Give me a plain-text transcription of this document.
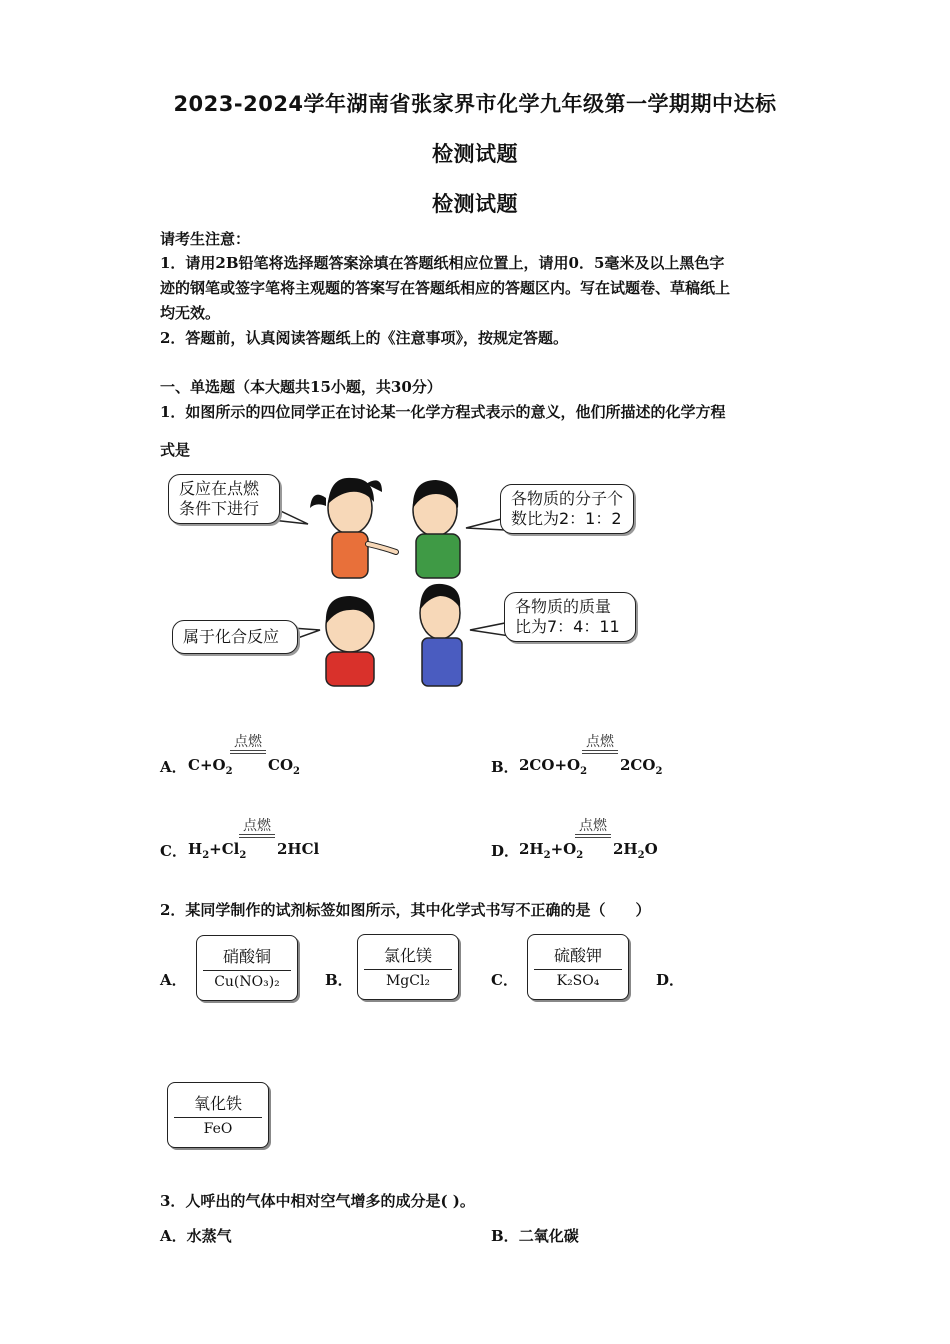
2023-2024学年湖南省张家界市化学九年级第一学期期中达标
检测试题
检测试题
请考生注意：
1．请用2B铅笔将选择题答案涂填在答题纸相应位置上，请用0．5毫米及以上黑色字
迹的钢笔或签字笔将主观题的答案写在答题纸相应的答题区内。写在试题卷、草稿纸上
均无效。
2．答题前，认真阅读答题纸上的《注意事项》，按规定答题。
一、单选题（本大题共15小题，共30分）
1．如图所示的四位同学正在讨论某一化学方程式表示的意义，他们所描述的化学方程
式是
反应在点燃条件下进行
各物质的分子个数比为2：1：2
属于化合反应
各物质的质量比为7：4：11
A．
点燃
$C+O_2$ $CO_2$	B．
点燃
$2CO+O_2$ $2CO_2$
C．
点燃
$H_2+Cl_2$ 2HCl	D．
点燃
$2H_2+O_2$ $2H_2O$
2．某同学制作的试剂标签如图所示，其中化学式书写不正确的是（　　）
A．
硝酸铜
Cu(NO₃)₂	B．
氯化镁
MgCl₂	C．
硫酸钾
K₂SO₄	D．
氧化铁
FeO
3．人呼出的气体中相对空气增多的成分是( )。
A．水蒸气	B．二氧化碳
